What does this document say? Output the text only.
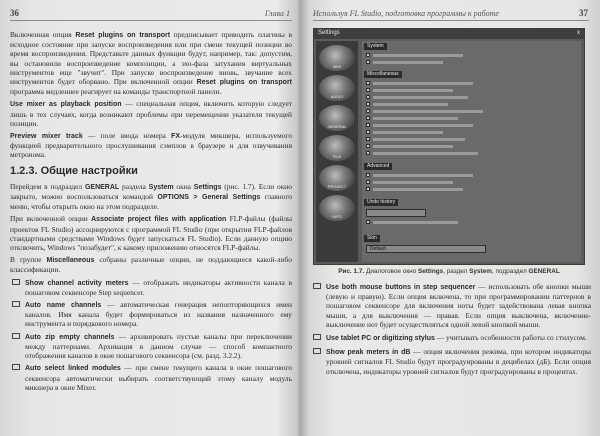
36	Глава 1

Включенная опция Reset plugins on transport предписывает приводить плагины в исходное состояние при запуске воспроизведения или при смене текущей позиции во время воспроизведения. Представьте данных функции будут, например, так: допустим, вы остановили воспроизведение композиции, а эхо-фаза затухания виртуальных инструментов еще "звучит". При запуске воспроизведение вновь, звучание всех инструментов будет оборвано. При включенной опции Reset plugins on transport программа медленнее реагирует на команды транспортной панели.

Use mixer as playback position — специальная опция, включить которую следует лишь в тех случаях, когда возникают проблемы при перемещении указателя текущей позиции.

Preview mixer track — поле ввода номера FX-модуля микшера, используемого функцией предварительного прослушивания сэмплов в браузере и для озвучивания метронома.

1.2.3. Общие настройки

Перейдем в подраздел GENERAL раздела System окна Settings (рис. 1.7). Если окно закрыто, можно воспользоваться командой OPTIONS > General Settings главного меню, чтобы открыть окно на этом подразделе.

При включенной опции Associate project files with application FLP-файлы (файлы проектов FL Studio) ассоциируются с программой FL Studio (при открытии FLP-файлов стандартными средствами Windows будет запускаться FL Studio). Если данную опцию отключить, Windows "позабудет", к какому приложению относятся FLP-файлы.

В группе Miscellaneous собраны различные опции, не поддающиеся какой-либо классификации.

Show channel activity meters — отображать индикаторы активности канала в пошаговом секвенсоре Step sequencer.
Auto name channels — автоматическая генерация непопторяющихся имен каналов. Имя канала будет формироваться из названия назначенного ему инструмента и порядкового номера.
Auto zip empty channels — архивировать пустые каналы при переключении между паттернами. Архивация в данном случае — способ компактного отображения каналов в окне пошагового секвенсора (см. разд. 3.2.2).
Auto select linked modules — при смене текущего канала в окне пошагового секвенсора автоматически выбирать соответствующий этому каналу модуль микшера в окне Mixer.
Испoльзуя FL Studio, подготовка программы к работе	37
Settings	x
MIDI
AUDIO
GENERAL
FILE
PROJECT
INFO
System
Miscellaneous
Advanced
Undo history
Skin
Default
Рис. 1.7. Диалоговое окно Settings, раздел System, подраздел GENERAL
Use both mouse buttons in step sequencer — использовать обе кнопки мыши (левую и правую). Если опция включена, то при программировании паттернов в пошаговом секвенсоре для включения ноты будет задействована левая кнопка мыши, а для выключения — правая. Если опция выключена, включение-выключение нот будет осуществляться одной левой кнопкой мыши.
Use tablet PC or digitizing stylus — учитывать особенности работы со стилусом.
Show peak meters in dB — опция включения режима, при котором индикаторы уровней сигналов FL Studio будут проградуированы в децибелах (дБ). Если опция отключена, индикаторы уровней сигналов будут проградуированы в процентах.
